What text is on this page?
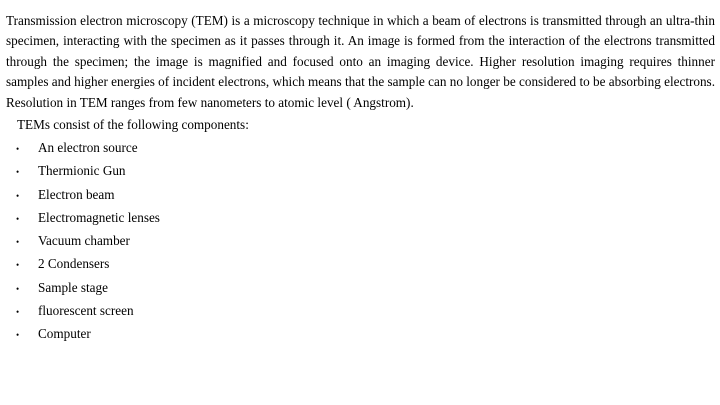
Transmission electron microscopy (TEM) is a microscopy technique in which a beam of electrons is transmitted through an ultra-thin specimen, interacting with the specimen as it passes through it. An image is formed from the interaction of the electrons transmitted through the specimen; the image is magnified and focused onto an imaging device. Higher resolution imaging requires thinner samples and higher energies of incident electrons, which means that the sample can no longer be considered to be absorbing electrons. Resolution in TEM ranges from few nanometers to atomic level ( Angstrom).

TEMs consist of the following components:

• An electron source
• Thermionic Gun
• Electron beam
• Electromagnetic lenses
• Vacuum chamber
• 2 Condensers
• Sample stage
• fluorescent screen
• Computer
